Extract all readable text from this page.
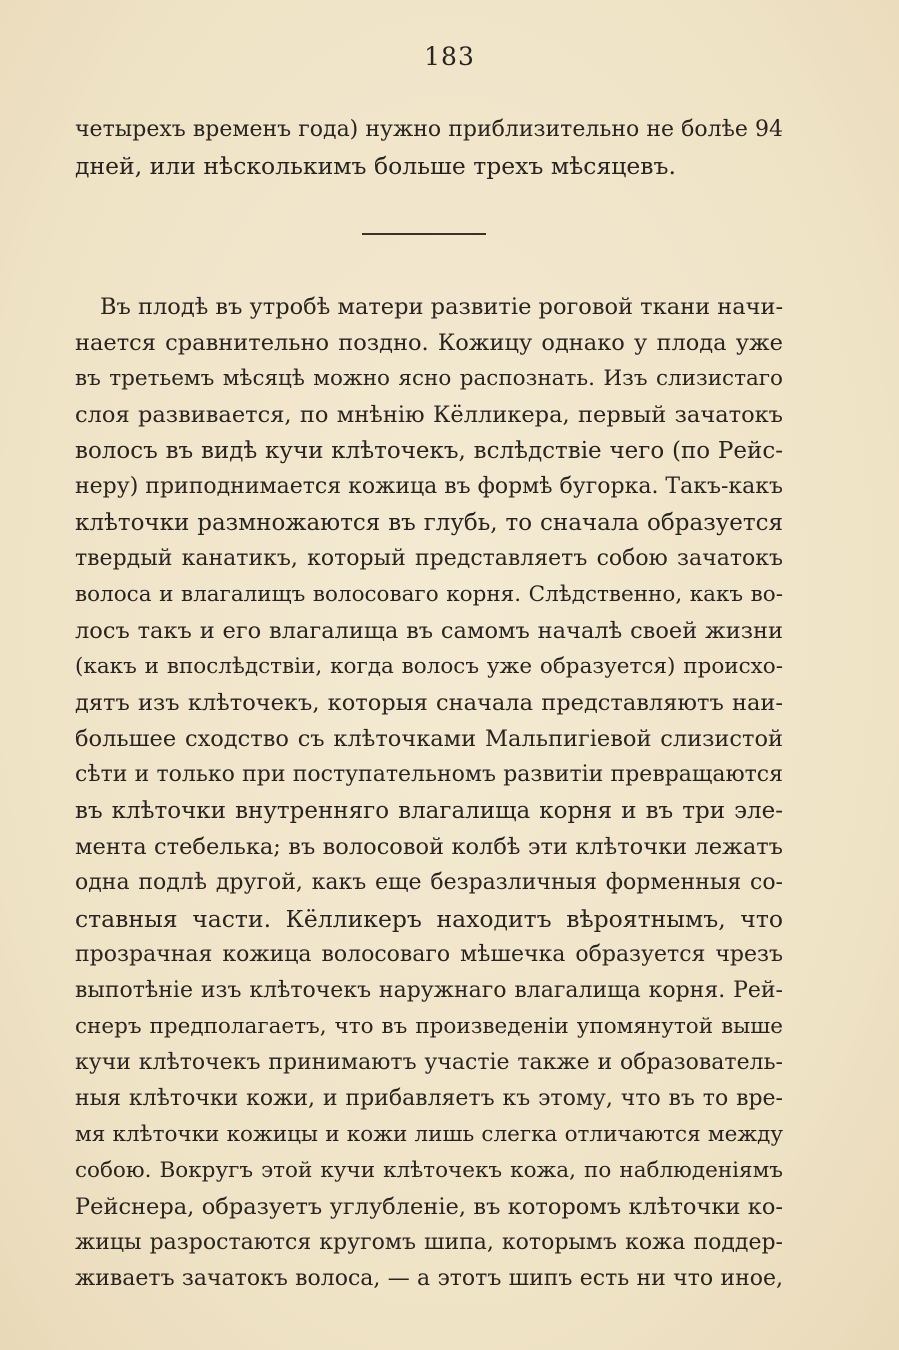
183
четырехъ временъ года) нужно приблизительно не болѣе 94
дней, или нѣсколькимъ больше трехъ мѣсяцевъ.
Въ плодѣ въ утробѣ матери развитіе роговой ткани начи-
нается сравнительно поздно. Кожицу однако у плода уже
въ третьемъ мѣсяцѣ можно ясно распознать. Изъ слизистаго
слоя развивается, по мнѣнію Кёлликера, первый зачатокъ
волосъ въ видѣ кучи клѣточекъ, вслѣдствіе чего (по Рейс-
неру) приподнимается кожица въ формѣ бугорка. Такъ-какъ
клѣточки размножаются въ глубь, то сначала образуется
твердый канатикъ, который представляетъ собою зачатокъ
волоса и влагалищъ волосоваго корня. Слѣдственно, какъ во-
лосъ такъ и его влагалища въ самомъ началѣ своей жизни
(какъ и впослѣдствіи, когда волосъ уже образуется) происхо-
дятъ изъ клѣточекъ, которыя сначала представляютъ наи-
большее сходство съ клѣточками Мальпигіевой слизистой
сѣти и только при поступательномъ развитіи превращаются
въ клѣточки внутренняго влагалища корня и въ три эле-
мента стебелька; въ волосовой колбѣ эти клѣточки лежатъ
одна подлѣ другой, какъ еще безразличныя форменныя со-
ставныя части. Кёлликеръ находитъ вѣроятнымъ, что
прозрачная кожица волосоваго мѣшечка образуется чрезъ
выпотѣніе изъ клѣточекъ наружнаго влагалища корня. Рей-
снеръ предполагаетъ, что въ произведеніи упомянутой выше
кучи клѣточекъ принимаютъ участіе также и образователь-
ныя клѣточки кожи, и прибавляетъ къ этому, что въ то вре-
мя клѣточки кожицы и кожи лишь слегка отличаются между
собою. Вокругъ этой кучи клѣточекъ кожа, по наблюденіямъ
Рейснера, образуетъ углубленіе, въ которомъ клѣточки ко-
жицы разростаются кругомъ шипа, которымъ кожа поддер-
живаетъ зачатокъ волоса, — а этотъ шипъ есть ни что иное,
